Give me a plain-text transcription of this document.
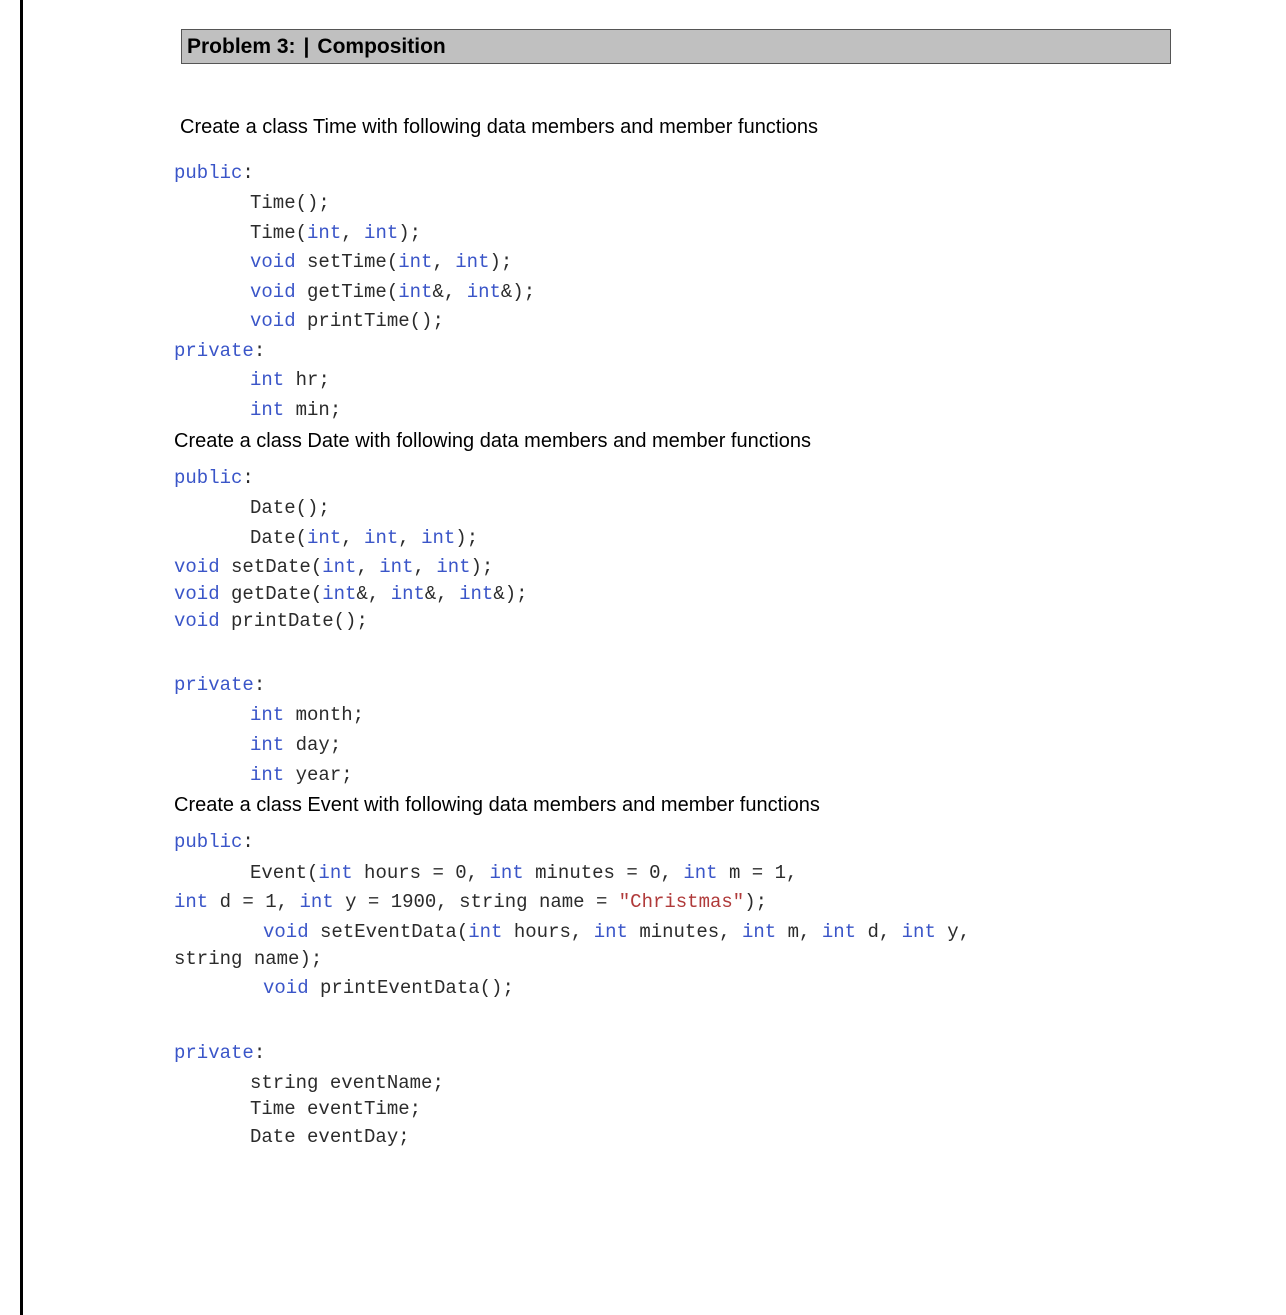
Problem 3: | Composition
Create a class Time with following data members and member functions
public:
Time();
Time(int, int);
void setTime(int, int);
void getTime(int&, int&);
void printTime();
private:
int hr;
int min;
Create a class Date with following data members and member functions
public:
Date();
Date(int, int, int);
void setDate(int, int, int);
void getDate(int&, int&, int&);
void printDate();
private:
int month;
int day;
int year;
Create a class Event with following data members and member functions
public:
Event(int hours = 0, int minutes = 0, int m = 1,
int d = 1, int y = 1900, string name = "Christmas");
void setEventData(int hours, int minutes, int m, int d, int y,
string name);
void printEventData();
private:
string eventName;
Time eventTime;
Date eventDay;
